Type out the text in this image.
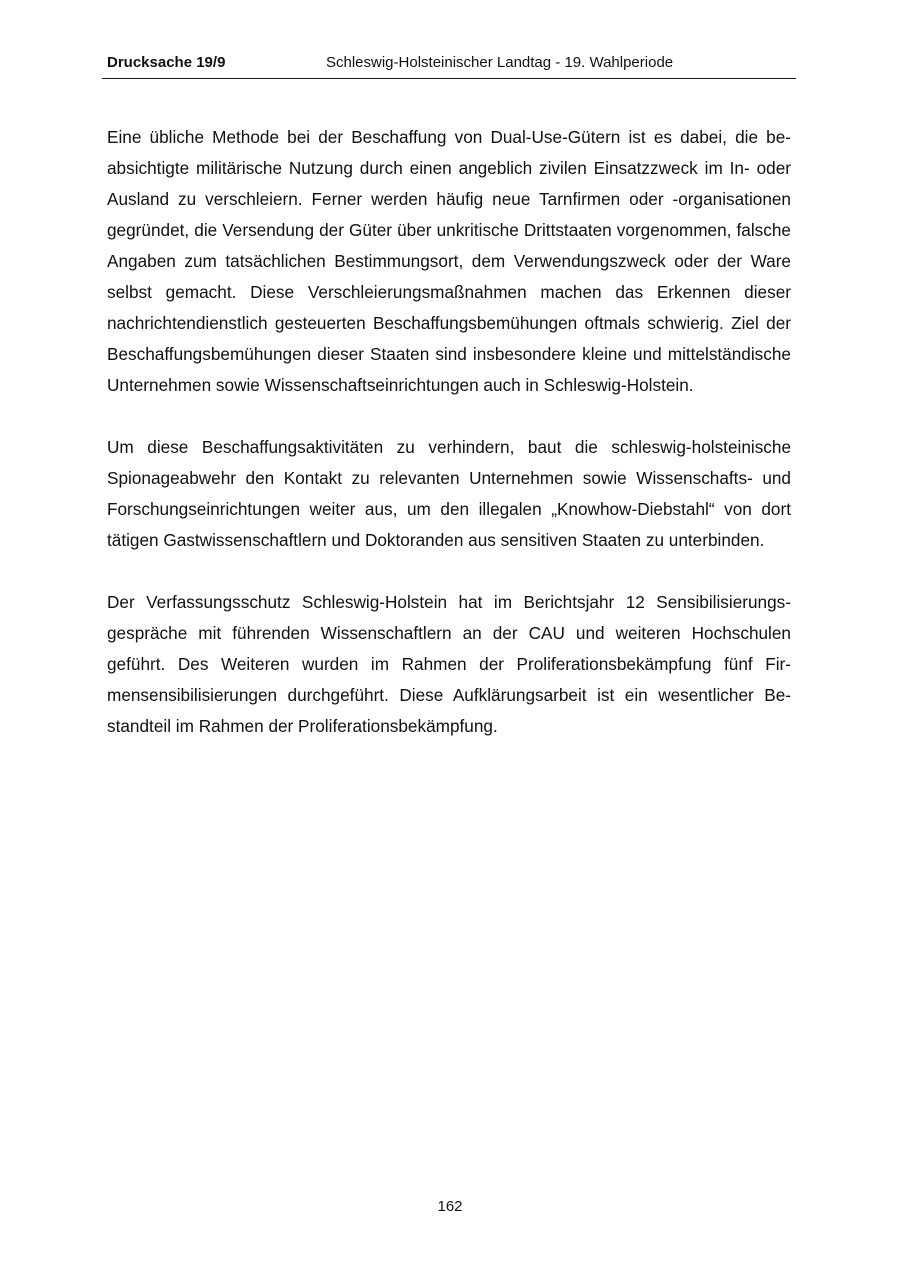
Drucksache 19/9	Schleswig-Holsteinischer Landtag - 19. Wahlperiode

Eine übliche Methode bei der Beschaffung von Dual-Use-Gütern ist es dabei, die beabsichtigte militärische Nutzung durch einen angeblich zivilen Einsatzzweck im In- oder Ausland zu verschleiern. Ferner werden häufig neue Tarnfirmen oder -organisationen gegründet, die Versendung der Güter über unkritische Drittstaaten vorgenommen, falsche Angaben zum tatsächlichen Bestimmungsort, dem Verwendungszweck oder der Ware selbst gemacht. Diese Verschleierungsmaßnahmen machen das Erkennen dieser nachrichtendienstlich gesteuerten Beschaffungsbemühungen oftmals schwierig. Ziel der Beschaffungsbemühungen dieser Staaten sind insbesondere kleine und mittelständische Unternehmen sowie Wissenschaftseinrichtungen auch in Schleswig-Holstein.

Um diese Beschaffungsaktivitäten zu verhindern, baut die schleswig-holsteinische Spionageabwehr den Kontakt zu relevanten Unternehmen sowie Wissenschafts- und Forschungseinrichtungen weiter aus, um den illegalen „Knowhow-Diebstahl“ von dort tätigen Gastwissenschaftlern und Doktoranden aus sensitiven Staaten zu unterbinden.

Der Verfassungsschutz Schleswig-Holstein hat im Berichtsjahr 12 Sensibilisierungsgespräche mit führenden Wissenschaftlern an der CAU und weiteren Hochschulen geführt. Des Weiteren wurden im Rahmen der Proliferationsbekämpfung fünf Firmensensibilisierungen durchgeführt. Diese Aufklärungsarbeit ist ein wesentlicher Bestandteil im Rahmen der Proliferationsbekämpfung.

162
